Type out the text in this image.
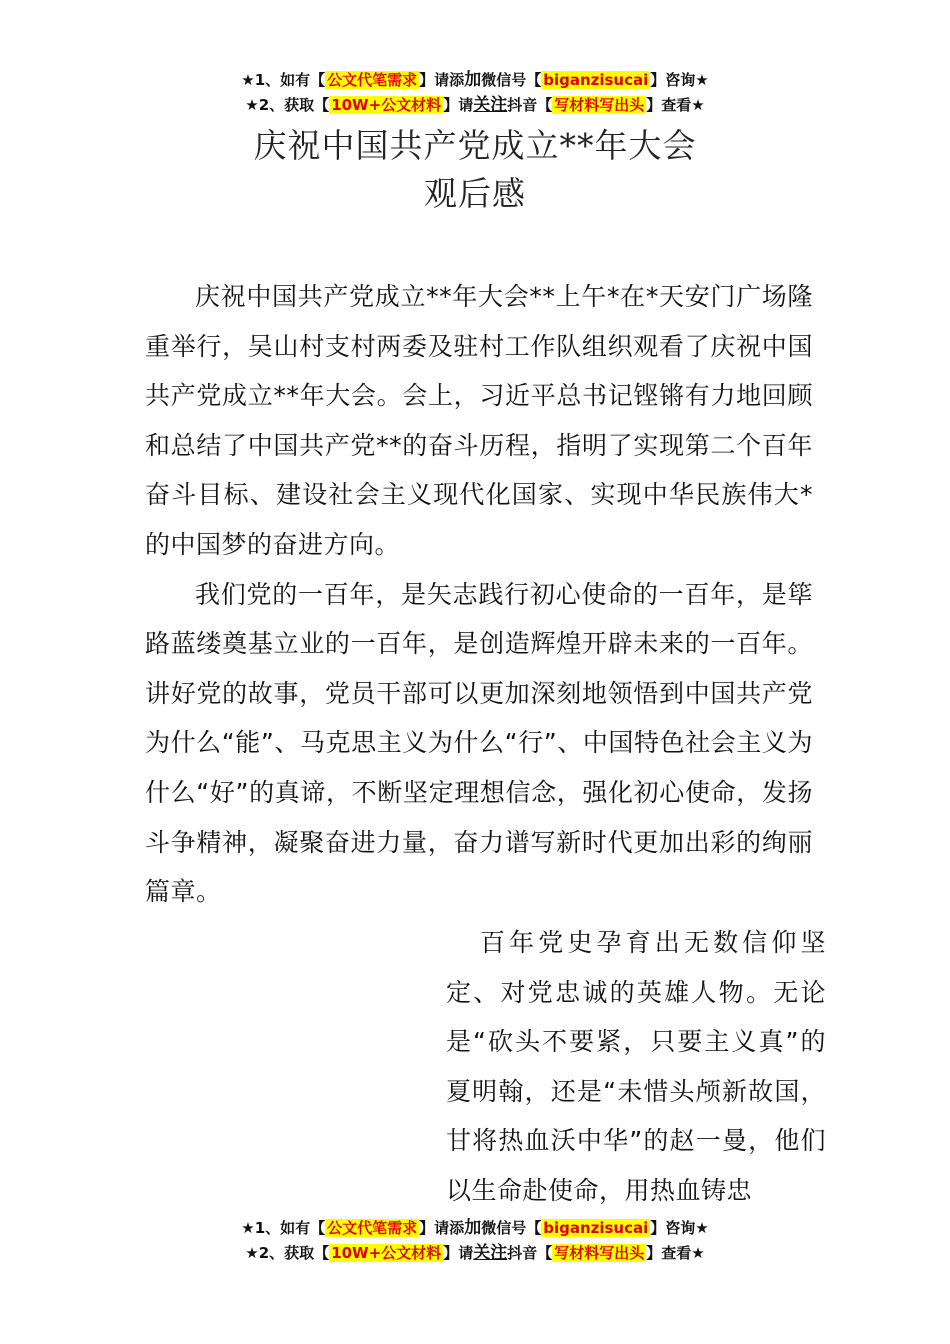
★1、如有【 公文代笔需求 】请添加微信号【 biganzisucai 】咨询★
★2、获取【 10W+公文材料 】请关注抖音【 写材料写出头 】查看★
庆祝中国共产党成立**年大会
观后感

庆祝中国共产党成立**年大会**上午*在*天安门广场隆重举行，吴山村支村两委及驻村工作队组织观看了庆祝中国共产党成立**年大会。会上，习近平总书记铿锵有力地回顾和总结了中国共产党**的奋斗历程，指明了实现第二个百年奋斗目标、建设社会主义现代化国家、实现中华民族伟大*的中国梦的奋进方向。

我们党的一百年，是矢志践行初心使命的一百年，是筚路蓝缕奠基立业的一百年，是创造辉煌开辟未来的一百年。讲好党的故事，党员干部可以更加深刻地领悟到中国共产党为什么“能”、马克思主义为什么“行”、中国特色社会主义为什么“好”的真谛，不断坚定理想信念，强化初心使命，发扬斗争精神，凝聚奋进力量，奋力谱写新时代更加出彩的绚丽篇章。

百年党史孕育出无数信仰坚定、对党忠诚的英雄人物。无论是“砍头不要紧，只要主义真”的夏明翰，还是“未惜头颅新故国，甘将热血沃中华”的赵一曼，他们以生命赴使命，用热血铸忠

★1、如有【 公文代笔需求 】请添加微信号【 biganzisucai 】咨询★
★2、获取【 10W+公文材料 】请关注抖音【 写材料写出头 】查看★
